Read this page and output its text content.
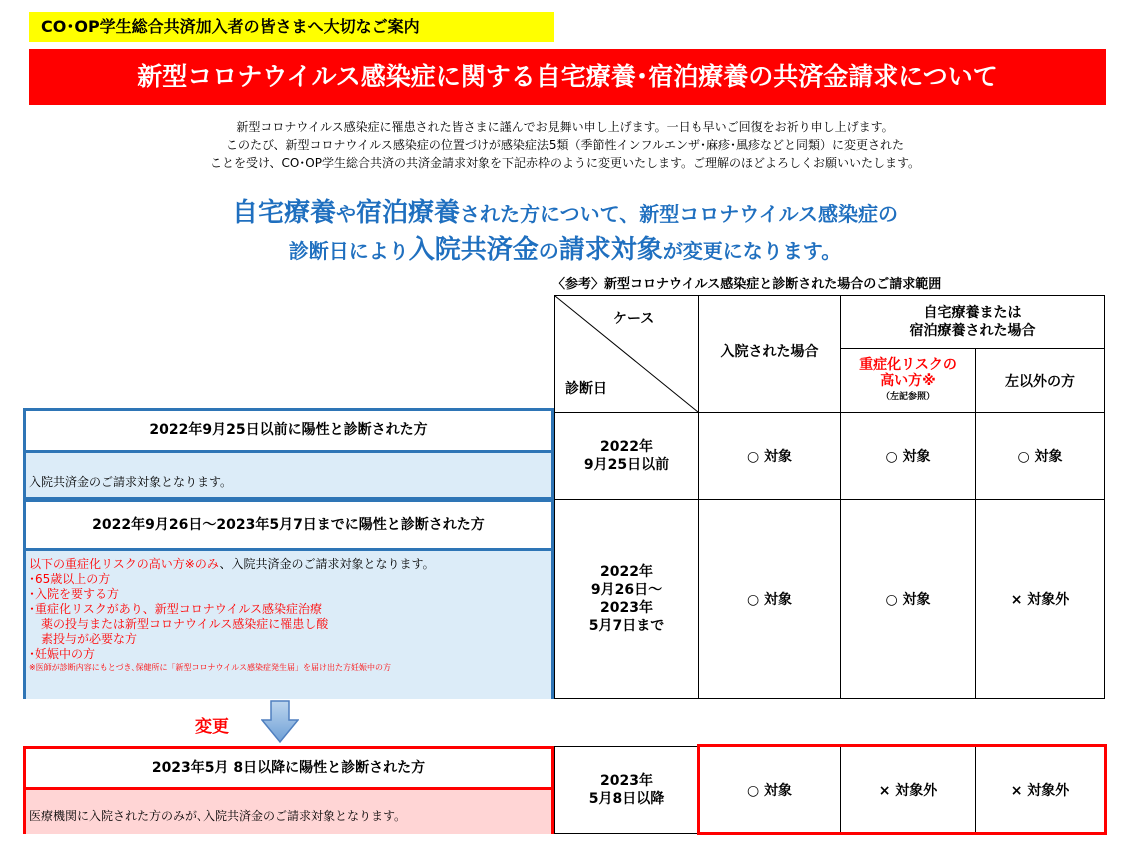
CO･OP学生総合共済加入者の皆さまへ大切なご案内
新型コロナウイルス感染症に関する自宅療養･宿泊療養の共済金請求について
新型コロナウイルス感染症に罹患された皆さまに謹んでお見舞い申し上げます。一日も早いご回復をお祈り申し上げます。
このたび、新型コロナウイルス感染症の位置づけが感染症法5類（季節性インフルエンザ･麻疹･風疹などと同類）に変更された
ことを受け、CO･OP学生総合共済の共済金請求対象を下記赤枠のように変更いたします。ご理解のほどよろしくお願いいたします。
自宅療養や宿泊療養された方について、新型コロナウイルス感染症の
診断日により入院共済金の請求対象が変更になります。
〈参考〉新型コロナウイルス感染症と診断された場合のご請求範囲
ケース
診断日
入院された場合
自宅療養または
宿泊療養された場合
重症化リスクの
高い方※
（左記参照）
左以外の方
2022年
9月25日以前	○ 対象	○ 対象	○ 対象
2022年
9月26日～
2023年
5月7日まで
○ 対象	○ 対象	× 対象外
2023年
5月8日以降	○ 対象	× 対象外	× 対象外
2022年9月25日以前に陽性と診断された方
入院共済金のご請求対象となります。
2022年9月26日～2023年5月7日までに陽性と診断された方
以下の重症化リスクの高い方※のみ、入院共済金のご請求対象となります。
･65歳以上の方
･入院を要する方
･重症化リスクがあり、新型コロナウイルス感染症治療
　薬の投与または新型コロナウイルス感染症に罹患し酸
　素投与が必要な方
･妊娠中の方
※医師が診断内容にもとづき､保健所に「新型コロナウイルス感染症発生届」を届け出た方妊娠中の方
変更
2023年5月 8日以降に陽性と診断された方
医療機関に入院された方のみが､入院共済金のご請求対象となります。
